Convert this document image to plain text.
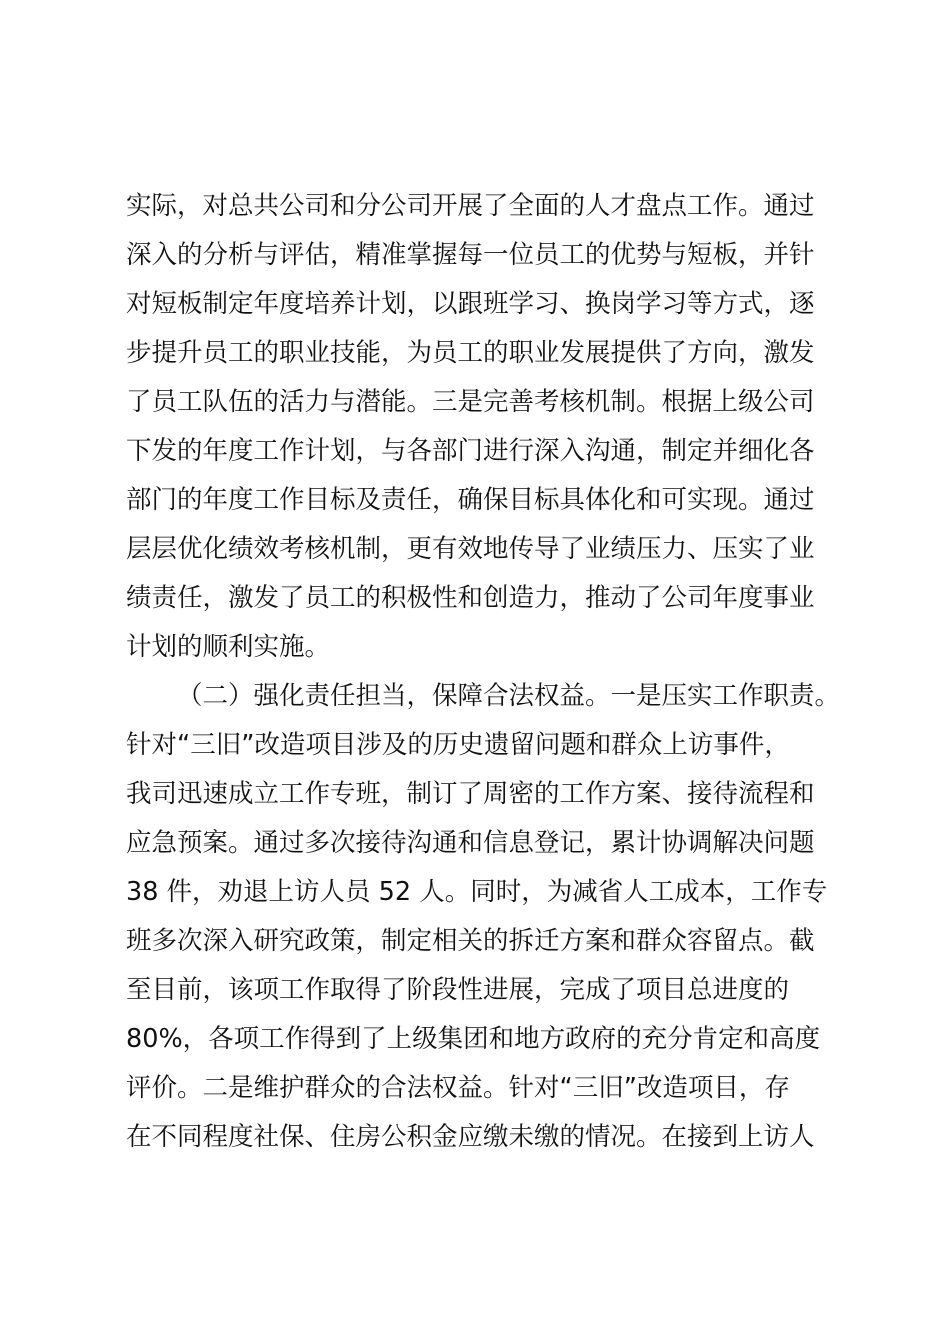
实际，对总共公司和分公司开展了全面的人才盘点工作。通过
深入的分析与评估，精准掌握每一位员工的优势与短板，并针
对短板制定年度培养计划，以跟班学习、换岗学习等方式，逐
步提升员工的职业技能，为员工的职业发展提供了方向，激发
了员工队伍的活力与潜能。三是完善考核机制。根据上级公司
下发的年度工作计划，与各部门进行深入沟通，制定并细化各
部门的年度工作目标及责任，确保目标具体化和可实现。通过
层层优化绩效考核机制，更有效地传导了业绩压力、压实了业
绩责任，激发了员工的积极性和创造力，推动了公司年度事业
计划的顺利实施。
（二）强化责任担当，保障合法权益。一是压实工作职责。
针对“三旧”改造项目涉及的历史遗留问题和群众上访事件，
我司迅速成立工作专班，制订了周密的工作方案、接待流程和
应急预案。通过多次接待沟通和信息登记，累计协调解决问题
38 件，劝退上访人员 52 人。同时，为减省人工成本，工作专
班多次深入研究政策，制定相关的拆迁方案和群众容留点。截
至目前，该项工作取得了阶段性进展，完成了项目总进度的
80%，各项工作得到了上级集团和地方政府的充分肯定和高度
评价。二是维护群众的合法权益。针对“三旧”改造项目，存
在不同程度社保、住房公积金应缴未缴的情况。在接到上访人
